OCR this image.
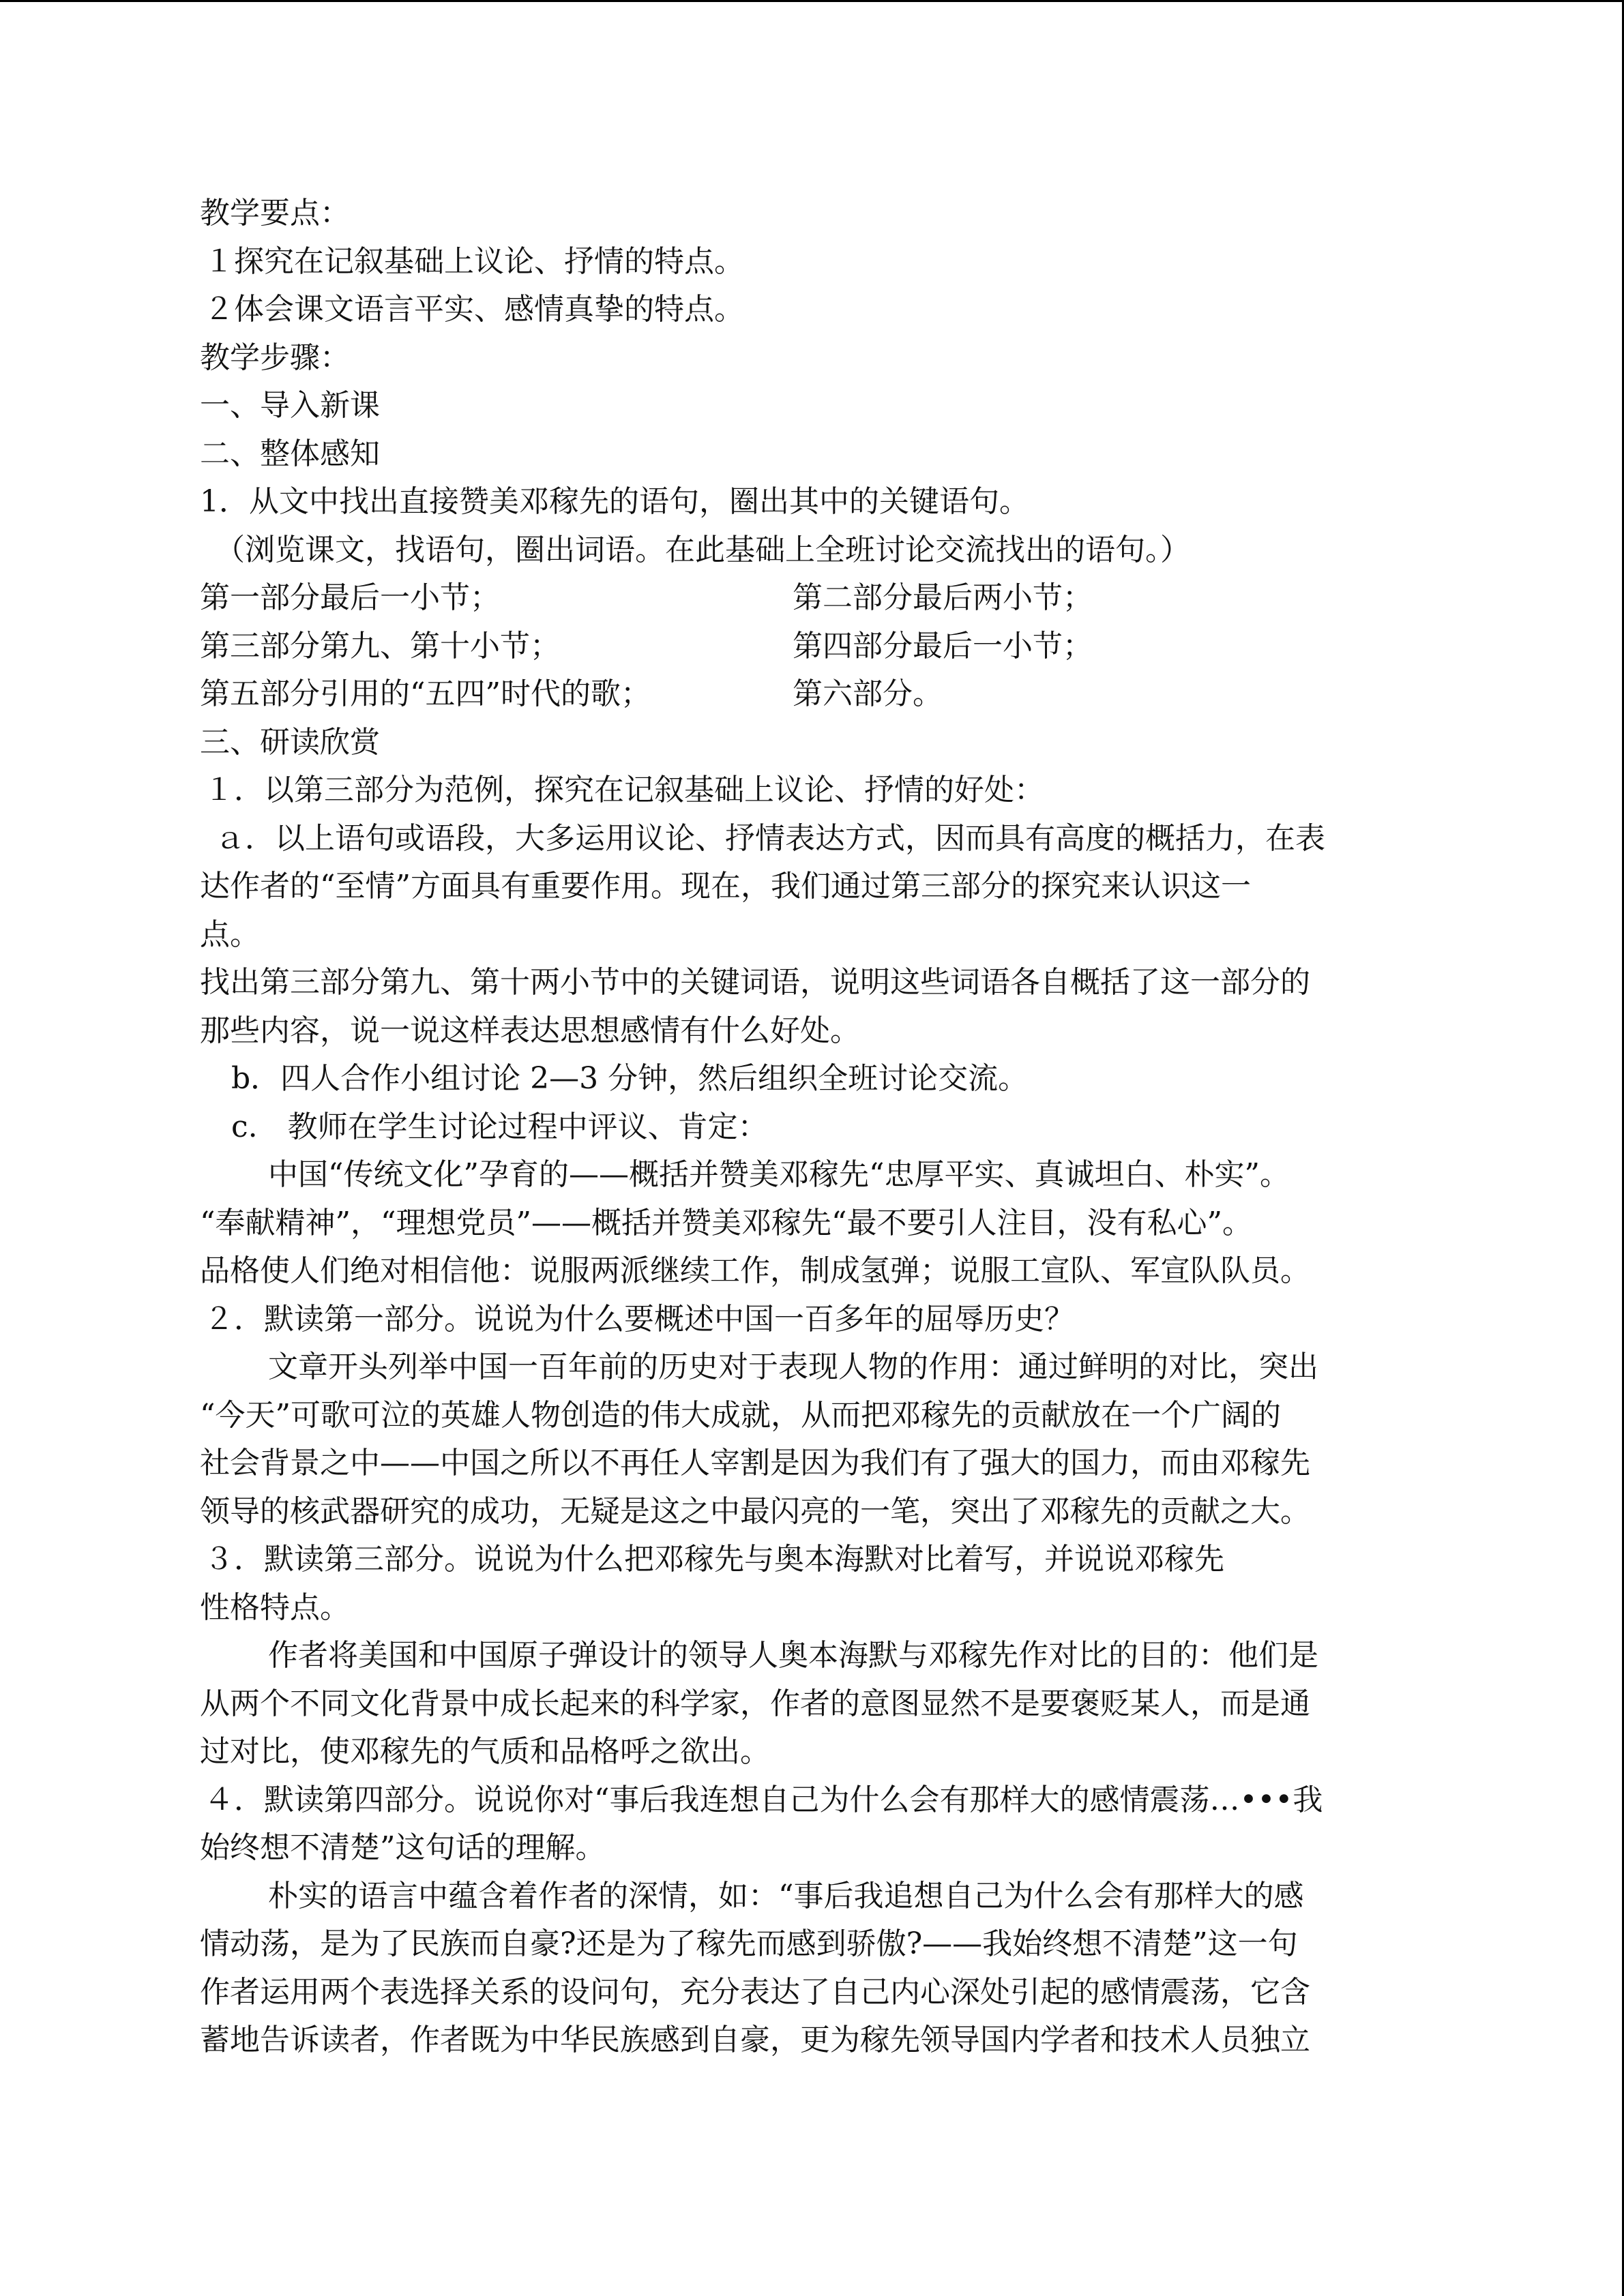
教学要点：
１探究在记叙基础上议论、抒情的特点。
２体会课文语言平实、感情真挚的特点。
教学步骤：
一、导入新课
二、整体感知
1．从文中找出直接赞美邓稼先的语句，圈出其中的关键语句。
（浏览课文，找语句，圈出词语。在此基础上全班讨论交流找出的语句。）
第一部分最后一小节；	第二部分最后两小节；
第三部分第九、第十小节；	第四部分最后一小节；
第五部分引用的“五四”时代的歌；	第六部分。
三、研读欣赏
１．以第三部分为范例，探究在记叙基础上议论、抒情的好处：
ａ．以上语句或语段，大多运用议论、抒情表达方式，因而具有高度的概括力，在表
达作者的“至情”方面具有重要作用。现在，我们通过第三部分的探究来认识这一
点。
找出第三部分第九、第十两小节中的关键词语，说明这些词语各自概括了这一部分的
那些内容，说一说这样表达思想感情有什么好处。
b．四人合作小组讨论 2—3 分钟，然后组织全班讨论交流。
c.　教师在学生讨论过程中评议、肯定：
中国“传统文化”孕育的——概括并赞美邓稼先“忠厚平实、真诚坦白、朴实”。
“奉献精神”，“理想党员”——概括并赞美邓稼先“最不要引人注目，没有私心”。
品格使人们绝对相信他：说服两派继续工作，制成氢弹；说服工宣队、军宣队队员。
２．默读第一部分。说说为什么要概述中国一百多年的屈辱历史？
文章开头列举中国一百年前的历史对于表现人物的作用：通过鲜明的对比，突出
“今天”可歌可泣的英雄人物创造的伟大成就，从而把邓稼先的贡献放在一个广阔的
社会背景之中——中国之所以不再任人宰割是因为我们有了强大的国力，而由邓稼先
领导的核武器研究的成功，无疑是这之中最闪亮的一笔，突出了邓稼先的贡献之大。
３．默读第三部分。说说为什么把邓稼先与奥本海默对比着写，并说说邓稼先
性格特点。
作者将美国和中国原子弹设计的领导人奥本海默与邓稼先作对比的目的：他们是
从两个不同文化背景中成长起来的科学家，作者的意图显然不是要褒贬某人，而是通
过对比，使邓稼先的气质和品格呼之欲出。
４．默读第四部分。说说你对“事后我连想自己为什么会有那样大的感情震荡…•••我
始终想不清楚”这句话的理解。
朴实的语言中蕴含着作者的深情，如：“事后我追想自己为什么会有那样大的感
情动荡，是为了民族而自豪?还是为了稼先而感到骄傲?——我始终想不清楚”这一句
作者运用两个表选择关系的设问句，充分表达了自己内心深处引起的感情震荡，它含
蓄地告诉读者，作者既为中华民族感到自豪，更为稼先领导国内学者和技术人员独立
